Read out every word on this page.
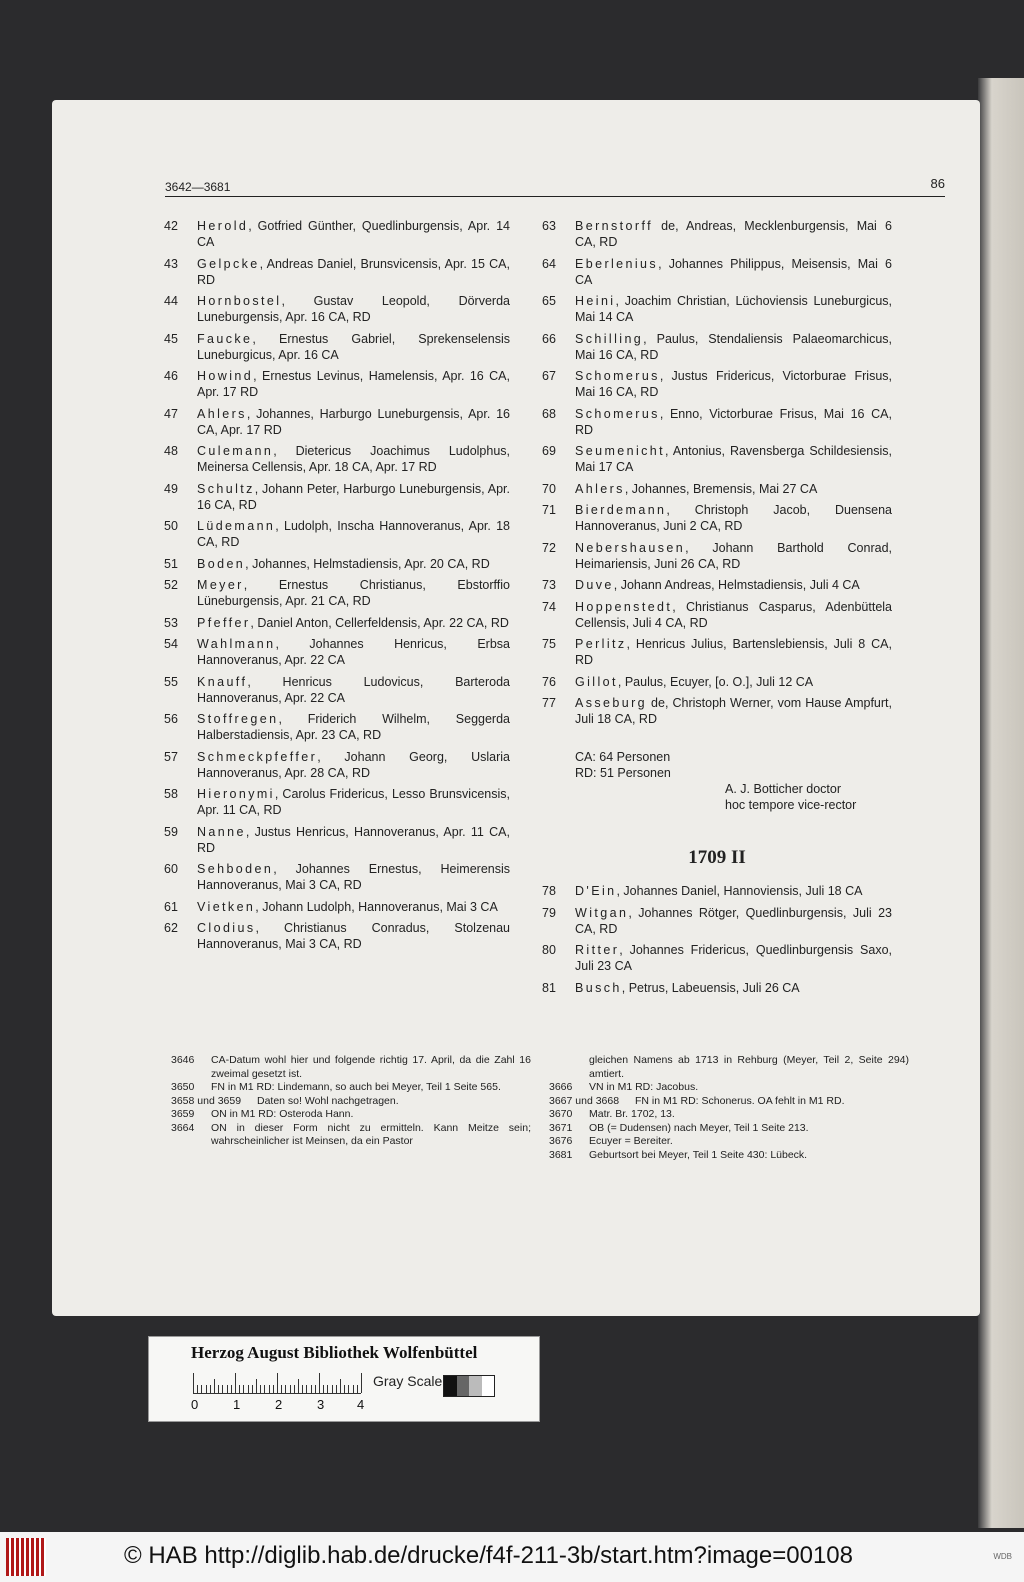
3642—3681	86
42	Herold, Gotfried Günther, Quedlinburgensis, Apr. 14 CA
43	Gelpcke, Andreas Daniel, Brunsvicensis, Apr. 15 CA, RD
44	Hornbostel, Gustav Leopold, Dörverda Luneburgensis, Apr. 16 CA, RD
45	Faucke, Ernestus Gabriel, Sprekenselensis Luneburgicus, Apr. 16 CA
46	Howind, Ernestus Levinus, Hamelensis, Apr. 16 CA, Apr. 17 RD
47	Ahlers, Johannes, Harburgo Luneburgensis, Apr. 16 CA, Apr. 17 RD
48	Culemann, Dietericus Joachimus Ludolphus, Meinersa Cellensis, Apr. 18 CA, Apr. 17 RD
49	Schultz, Johann Peter, Harburgo Luneburgensis, Apr. 16 CA, RD
50	Lüdemann, Ludolph, Inscha Hannoveranus, Apr. 18 CA, RD
51	Boden, Johannes, Helmstadiensis, Apr. 20 CA, RD
52	Meyer, Ernestus Christianus, Ebstorffio Lüneburgensis, Apr. 21 CA, RD
53	Pfeffer, Daniel Anton, Cellerfeldensis, Apr. 22 CA, RD
54	Wahlmann, Johannes Henricus, Erbsa Hannoveranus, Apr. 22 CA
55	Knauff, Henricus Ludovicus, Barteroda Hannoveranus, Apr. 22 CA
56	Stoffregen, Friderich Wilhelm, Seggerda Halberstadiensis, Apr. 23 CA, RD
57	Schmeckpfeffer, Johann Georg, Uslaria Hannoveranus, Apr. 28 CA, RD
58	Hieronymi, Carolus Fridericus, Lesso Brunsvicensis, Apr. 11 CA, RD
59	Nanne, Justus Henricus, Hannoveranus, Apr. 11 CA, RD
60	Sehboden, Johannes Ernestus, Heimerensis Hannoveranus, Mai 3 CA, RD
61	Vietken, Johann Ludolph, Hannoveranus, Mai 3 CA
62	Clodius, Christianus Conradus, Stolzenau Hannoveranus, Mai 3 CA, RD
63	Bernstorff de, Andreas, Mecklenburgensis, Mai 6 CA, RD
64	Eberlenius, Johannes Philippus, Meisensis, Mai 6 CA
65	Heini, Joachim Christian, Lüchoviensis Luneburgicus, Mai 14 CA
66	Schilling, Paulus, Stendaliensis Palaeomarchicus, Mai 16 CA, RD
67	Schomerus, Justus Fridericus, Victorburae Frisus, Mai 16 CA, RD
68	Schomerus, Enno, Victorburae Frisus, Mai 16 CA, RD
69	Seumenicht, Antonius, Ravensberga Schildesiensis, Mai 17 CA
70	Ahlers, Johannes, Bremensis, Mai 27 CA
71	Bierdemann, Christoph Jacob, Duensena Hannoveranus, Juni 2 CA, RD
72	Nebershausen, Johann Barthold Conrad, Heimariensis, Juni 26 CA, RD
73	Duve, Johann Andreas, Helmstadiensis, Juli 4 CA
74	Hoppenstedt, Christianus Casparus, Adenbüttela Cellensis, Juli 4 CA, RD
75	Perlitz, Henricus Julius, Bartenslebiensis, Juli 8 CA, RD
76	Gillot, Paulus, Ecuyer, [o. O.], Juli 12 CA
77	Asseburg de, Christoph Werner, vom Hause Ampfurt, Juli 18 CA, RD
CA: 64 Personen
RD: 51 Personen
A. J. Botticher doctor
hoc tempore vice-rector
1709 II
78	D'Ein, Johannes Daniel, Hannoviensis, Juli 18 CA
79	Witgan, Johannes Rötger, Quedlinburgensis, Juli 23 CA, RD
80	Ritter, Johannes Fridericus, Quedlinburgensis Saxo, Juli 23 CA
81	Busch, Petrus, Labeuensis, Juli 26 CA
3646	CA-Datum wohl hier und folgende richtig 17. April, da die Zahl 16 zweimal gesetzt ist.
3650	FN in M1 RD: Lindemann, so auch bei Meyer, Teil 1 Seite 565.
3658 und 3659	Daten so! Wohl nachgetragen.
3659	ON in M1 RD: Osteroda Hann.
3664	ON in dieser Form nicht zu ermitteln. Kann Meitze sein; wahrscheinlicher ist Meinsen, da ein Pastor
gleichen Namens ab 1713 in Rehburg (Meyer, Teil 2, Seite 294) amtiert.
3666	VN in M1 RD: Jacobus.
3667 und 3668	FN in M1 RD: Schonerus. OA fehlt in M1 RD.
3670	Matr. Br. 1702, 13.
3671	OB (= Dudensen) nach Meyer, Teil 1 Seite 213.
3676	Ecuyer = Bereiter.
3681	Geburtsort bei Meyer, Teil 1 Seite 430: Lübeck.
Herzog August Bibliothek Wolfenbüttel
0	1	2	3	4
Gray Scale
© HAB http://diglib.hab.de/drucke/f4f-211-3b/start.htm?image=00108	WDB
